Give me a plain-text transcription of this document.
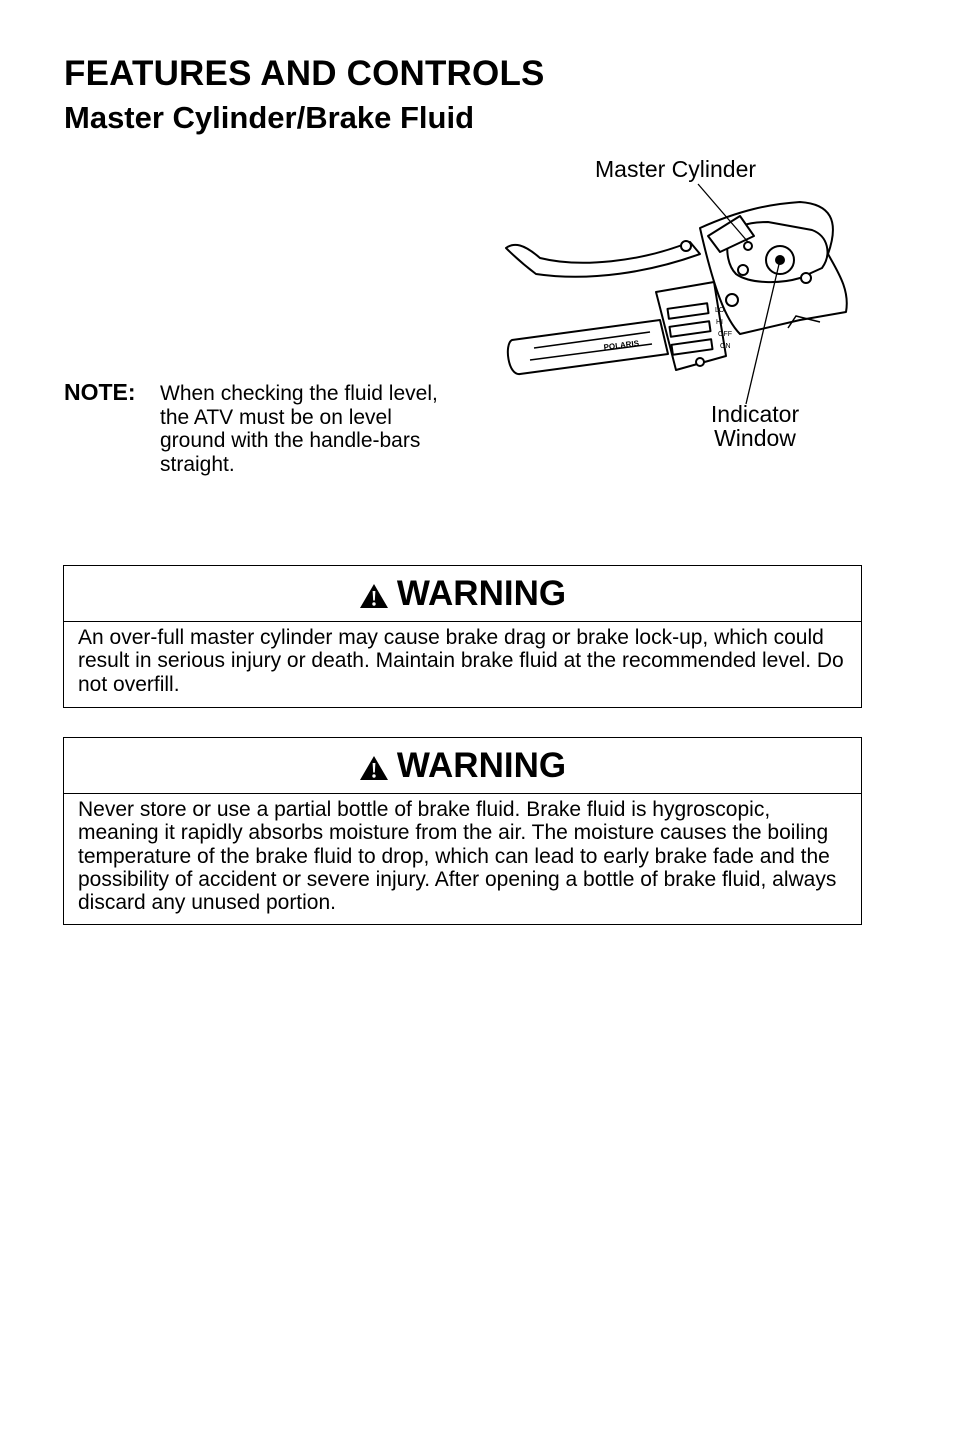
FEATURES AND CONTROLS
Master Cylinder/Brake Fluid
LO
HI
OFF
ON
POLARIS
Master Cylinder
Indicator Window
NOTE: When checking the fluid level, the ATV must be on level ground with the handle-bars straight.
WARNING
An over-full master cylinder may cause brake drag or brake lock-up, which could result in serious injury or death. Maintain brake fluid at the recommended level. Do not overfill.
WARNING
Never store or use a partial bottle of brake fluid. Brake fluid is hygroscopic, meaning it rapidly absorbs moisture from the air. The moisture causes the boiling temperature of the brake fluid to drop, which can lead to early brake fade and the possibility of accident or severe injury. After opening a bottle of brake fluid, always discard any unused portion.
